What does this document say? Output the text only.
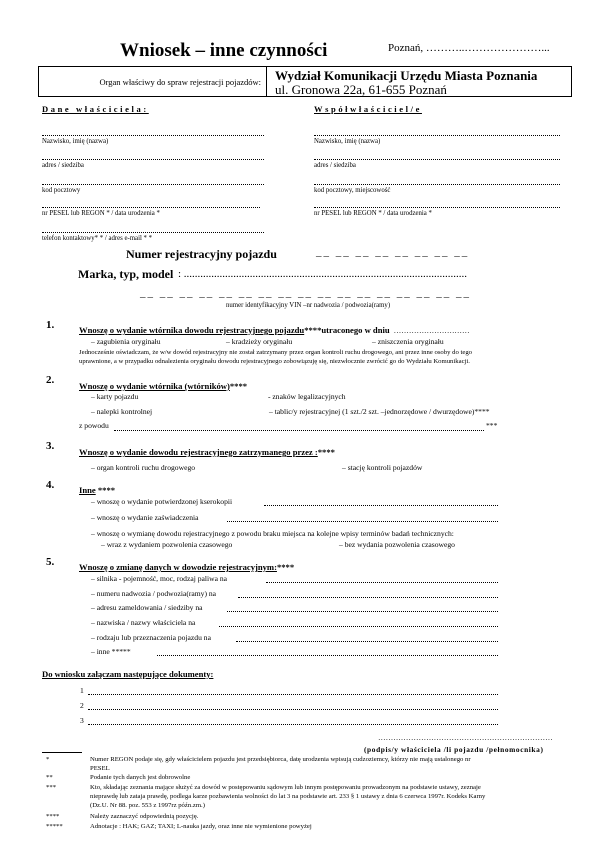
Wniosek – inne czynności	Poznań, ………..…………………...
Organ właściwy do spraw rejestracji pojazdów:	Wydział Komunikacji Urzędu Miasta Poznania
ul. Gronowa 22a, 61-655 Poznań
Dane właściciela:
Nazwisko, imię (nazwa)
adres / siedziba
kod pocztowy
nr PESEL lub REGON * / data urodzenia *
telefon kontaktowy* * / adres e-mail * *
Współwłaściciel/e
Nazwisko, imię (nazwa)
adres / siedziba
kod pocztowy, miejscowość
nr PESEL lub REGON * / data urodzenia *
Numer rejestracyjny pojazdu	__ __ __ __ __ __ __ __
Marka, typ, model : .......................................................................................................
__ __ __ __ __ __ __ __ __ __ __ __ __ __ __ __ __
numer identyfikacyjny VIN –nr nadwozia / podwozia(ramy)
1.	Wnoszę o wydanie wtórnika dowodu rejestracyjnego pojazdu****utraconego w dniu …………………………
– zagubienia oryginału	– kradzieży oryginału	– zniszczenia oryginału
Jednocześnie oświadczam, że w/w dowód rejestracyjny nie został zatrzymany przez organ kontroli ruchu drogowego, ani przez inne osoby do tego
uprawnione, a w przypadku odnalezienia oryginału dowodu rejestracyjnego zobowiązuję się, niezwłocznie zwrócić go do Wydziału Komunikacji.
2.	Wnoszę o wydanie wtórnika (wtórników)****
– karty pojazdu	- znaków legalizacyjnych
– nalepki kontrolnej	– tablic/y rejestracyjnej (1 szt./2 szt. –jednorzędowe / dwurzędowe)****
z powodu	***
3.	Wnoszę o wydanie dowodu rejestracyjnego zatrzymanego przez :****
– organ kontroli ruchu drogowego	– stację kontroli pojazdów
4.	Inne ****
– wnoszę o wydanie potwierdzonej kserokopii
– wnoszę o wydanie zaświadczenia
– wnoszę o wymianę dowodu rejestracyjnego z powodu braku miejsca na kolejne wpisy terminów badań technicznych:
– wraz z wydaniem pozwolenia czasowego	– bez wydania pozwolenia czasowego
5.	Wnoszę o zmianę danych w dowodzie rejestracyjnym:****
– silnika - pojemność, moc, rodzaj paliwa na
– numeru nadwozia / podwozia(ramy) na
– adresu zameldowania / siedziby na
– nazwiska / nazwy właściciela na
– rodzaju lub przeznaczenia pojazdu na
– inne *****
Do wniosku załączam następujące dokumenty:
1
2
3
……………………………………………………………
(podpis/y właściciela /li pojazdu /pełnomocnika)
*	Numer REGON podaje się, gdy właścicielem pojazdu jest przedsiębiorca, datę urodzenia wpisują cudzoziemcy, którzy nie mają ustalonego nr
PESEL
**	Podanie tych danych jest dobrowolne
***	Kto, składając zeznania mające służyć za dowód w postępowaniu sądowym lub innym postępowaniu prowadzonym na podstawie ustawy, zeznaje
nieprawdę lub zataja prawdę, podlega karze pozbawienia wolności do lat 3 na podstawie art. 233 § 1 ustawy z dnia 6 czerwca 1997r. Kodeks Karny
(Dz.U. Nr 88. poz. 553 z 1997rz późn.zm.)
****	Należy zaznaczyć odpowiednią pozycję.
*****	Adnotacje : HAK; GAZ; TAXI; L-nauka jazdy, oraz inne nie wymienione powyżej
